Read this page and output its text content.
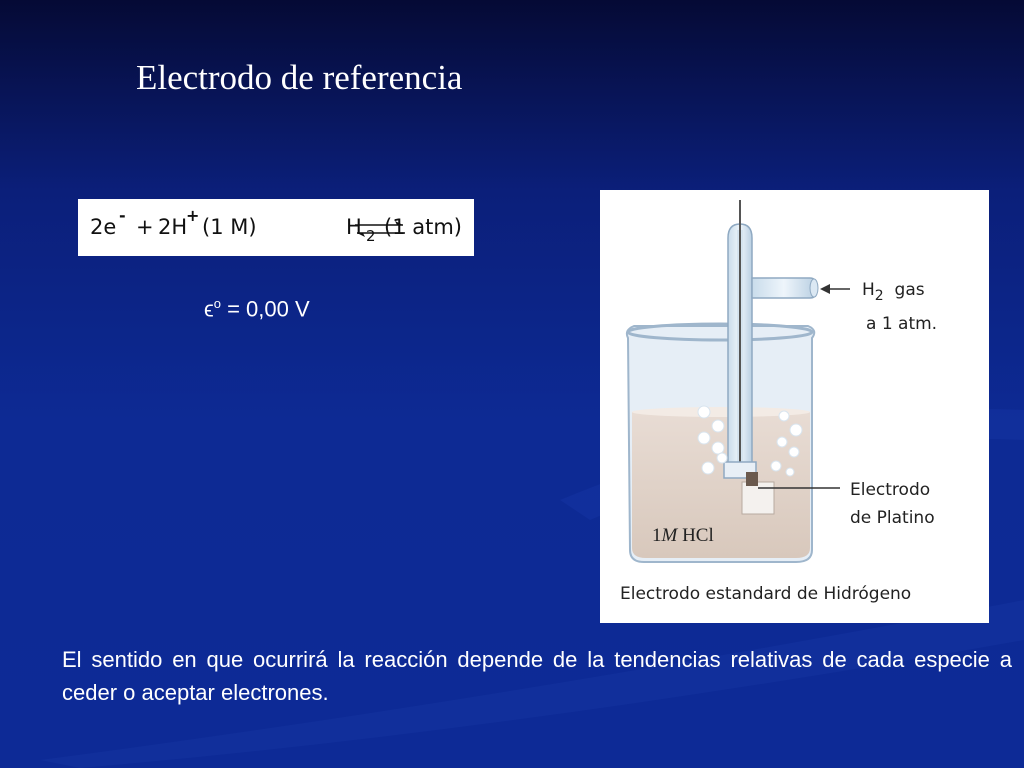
Electrodo de referencia
2e - + 2H
+ (1 M)	H 2 (1 atm)
$\epsilon^o = 0,00$ V
$H_2$ gas
a 1 atm.
Electrodo
de Platino
1M HCl
Electrodo estandard de Hidrógeno

El sentido en que ocurrirá la reacción depende de la tendencias relativas de cada especie a ceder o aceptar electrones.
